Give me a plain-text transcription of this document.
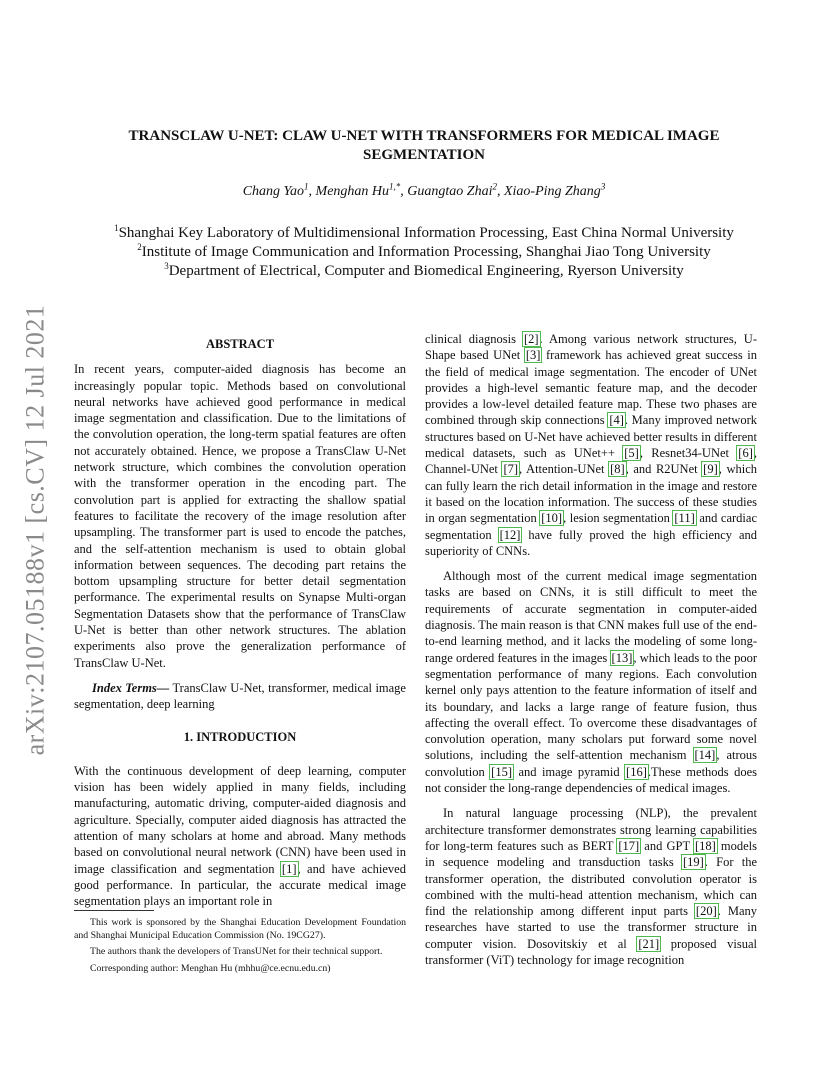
arXiv:2107.05188v1 [cs.CV] 12 Jul 2021
TRANSCLAW U-NET: CLAW U-NET WITH TRANSFORMERS FOR MEDICAL IMAGE
SEGMENTATION
Chang Yao$^1$, Menghan $Hu^{1,*}$, Guangtao Zhai$^2$, Xiao-Ping Zhang$^3$
$^1$Shanghai Key Laboratory of Multidimensional Information Processing, East China Normal University
$^2$Institute of Image Communication and Information Processing, Shanghai Jiao Tong University
$^3$Department of Electrical, Computer and Biomedical Engineering, Ryerson University
ABSTRACT

In recent years, computer-aided diagnosis has become an increasingly popular topic. Methods based on convolutional neural networks have achieved good performance in medical image segmentation and classification. Due to the limitations of the convolution operation, the long-term spatial features are often not accurately obtained. Hence, we propose a TransClaw U-Net network structure, which combines the convolution operation with the transformer operation in the encoding part. The convolution part is applied for extracting the shallow spatial features to facilitate the recovery of the image resolution after upsampling. The transformer part is used to encode the patches, and the self-attention mechanism is used to obtain global information between sequences. The decoding part retains the bottom upsampling structure for better detail segmentation performance. The experimental results on Synapse Multi-organ Segmentation Datasets show that the performance of TransClaw U-Net is better than other network structures. The ablation experiments also prove the generalization performance of TransClaw U-Net.

Index Terms— TransClaw U-Net, transformer, medical image segmentation, deep learning

1. INTRODUCTION

With the continuous development of deep learning, computer vision has been widely applied in many fields, including manufacturing, automatic driving, computer-aided diagnosis and agriculture. Specially, computer aided diagnosis has attracted the attention of many scholars at home and abroad. Many methods based on convolutional neural network (CNN) have been used in image classification and segmentation [1], and have achieved good performance. In particular, the accurate medical image segmentation plays an important role in

clinical diagnosis [2]. Among various network structures, U-Shape based UNet [3] framework has achieved great success in the field of medical image segmentation. The encoder of UNet provides a high-level semantic feature map, and the decoder provides a low-level detailed feature map. These two phases are combined through skip connections [4]. Many improved network structures based on U-Net have achieved better results in different medical datasets, such as UNet++ [5], Resnet34-UNet [6], Channel-UNet [7], Attention-UNet [8], and R2UNet [9], which can fully learn the rich detail information in the image and restore it based on the location information. The success of these studies in organ segmentation [10], lesion segmentation [11] and cardiac segmentation [12] have fully proved the high efficiency and superiority of CNNs.

Although most of the current medical image segmentation tasks are based on CNNs, it is still difficult to meet the requirements of accurate segmentation in computer-aided diagnosis. The main reason is that CNN makes full use of the end-to-end learning method, and it lacks the modeling of some long-range ordered features in the images [13], which leads to the poor segmentation performance of many regions. Each convolution kernel only pays attention to the feature information of itself and its boundary, and lacks a large range of feature fusion, thus affecting the overall effect. To overcome these disadvantages of convolution operation, many scholars put forward some novel solutions, including the self-attention mechanism [14], atrous convolution [15] and image pyramid [16].These methods does not consider the long-range dependencies of medical images.

In natural language processing (NLP), the prevalent architecture transformer demonstrates strong learning capabilities for long-term features such as BERT [17] and GPT [18] models in sequence modeling and transduction tasks [19]. For the transformer operation, the distributed convolution operator is combined with the multi-head attention mechanism, which can find the relationship among different input parts [20]. Many researches have started to use the transformer structure in computer vision. Dosovitskiy et al [21] proposed visual transformer (ViT) technology for image recognition

This work is sponsored by the Shanghai Education Development Foundation and Shanghai Municipal Education Commission (No. 19CG27).

The authors thank the developers of TransUNet for their technical support.

Corresponding author: Menghan Hu (mhhu@ce.ecnu.edu.cn)
